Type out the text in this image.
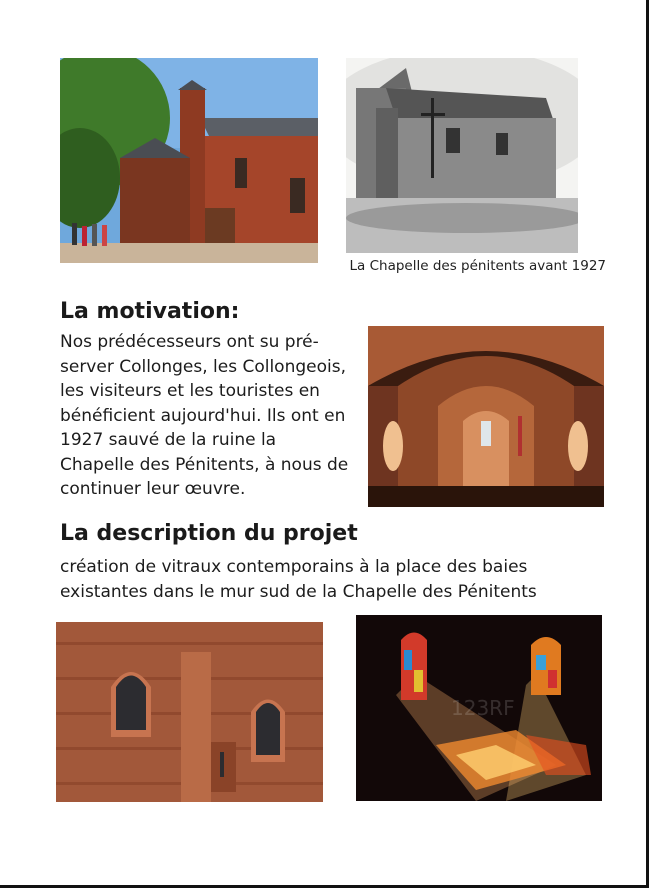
La Chapelle des pénitents avant 1927
La motivation:
Nos prédécesseurs ont su pré-
server Collonges, les Collongeois,
les visiteurs et les touristes en
bénéficient aujourd'hui. Ils ont en
1927 sauvé de la ruine la
Chapelle des Pénitents, à nous de
continuer leur œuvre.
La description du projet
création de vitraux contemporains à la place des baies
existantes dans le mur sud de la Chapelle des Pénitents
123RF
